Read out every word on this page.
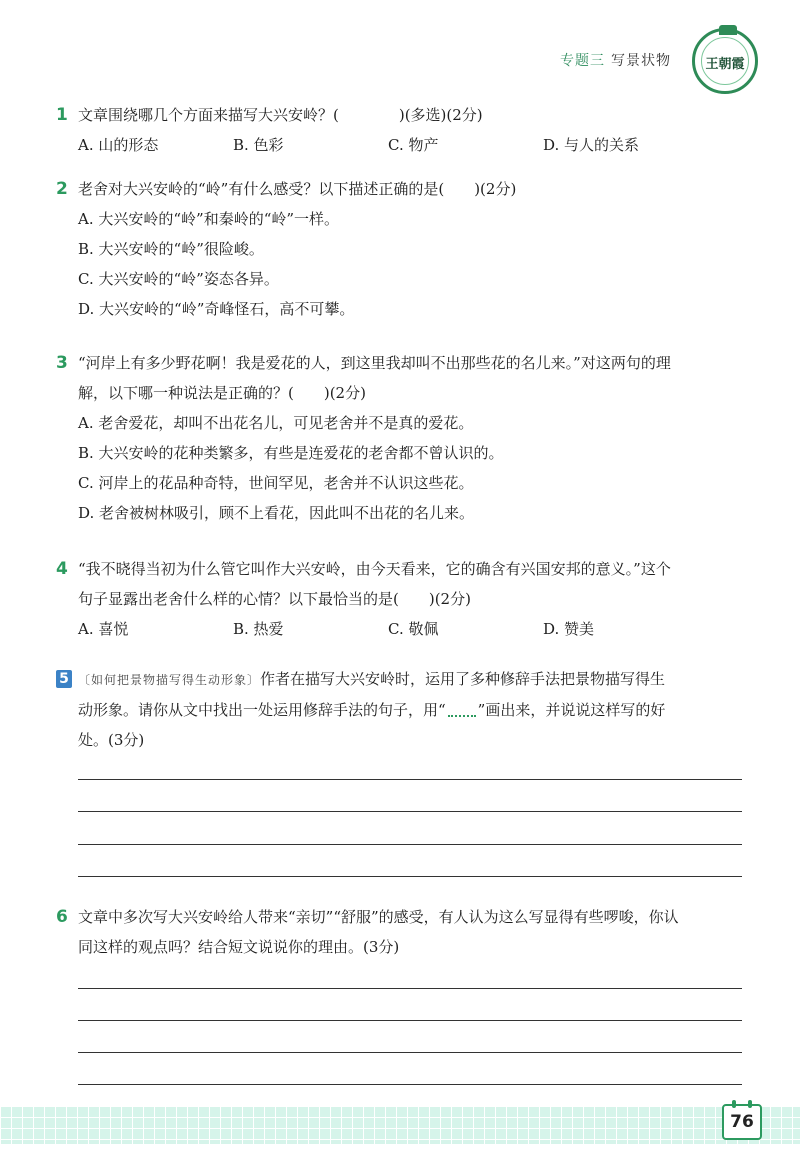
专题三 写景状物	王朝霞
1 文章围绕哪几个方面来描写大兴安岭？(　　　　)(多选)(2分)
A. 山的形态	B. 色彩	C. 物产	D. 与人的关系
2 老舍对大兴安岭的“岭”有什么感受？以下描述正确的是(　　)(2分)
A. 大兴安岭的“岭”和秦岭的“岭”一样。
B. 大兴安岭的“岭”很险峻。
C. 大兴安岭的“岭”姿态各异。
D. 大兴安岭的“岭”奇峰怪石，高不可攀。
3 “河岸上有多少野花啊！我是爱花的人，到这里我却叫不出那些花的名儿来。”对这两句的理
解，以下哪一种说法是正确的？(　　)(2分)
A. 老舍爱花，却叫不出花名儿，可见老舍并不是真的爱花。
B. 大兴安岭的花种类繁多，有些是连爱花的老舍都不曾认识的。
C. 河岸上的花品种奇特，世间罕见，老舍并不认识这些花。
D. 老舍被树林吸引，顾不上看花，因此叫不出花的名儿来。
4 “我不晓得当初为什么管它叫作大兴安岭，由今天看来，它的确含有兴国安邦的意义。”这个
句子显露出老舍什么样的心情？以下最恰当的是(　　)(2分)
A. 喜悦	B. 热爱	C. 敬佩	D. 赞美
5 〔如何把景物描写得生动形象〕作者在描写大兴安岭时，运用了多种修辞手法把景物描写得生
动形象。请你从文中找出一处运用修辞手法的句子，用“ ”画出来，并说说这样写的好
处。(3分)
6 文章中多次写大兴安岭给人带来“亲切”“舒服”的感受，有人认为这么写显得有些啰唆，你认
同这样的观点吗？结合短文说说你的理由。(3分)
76
